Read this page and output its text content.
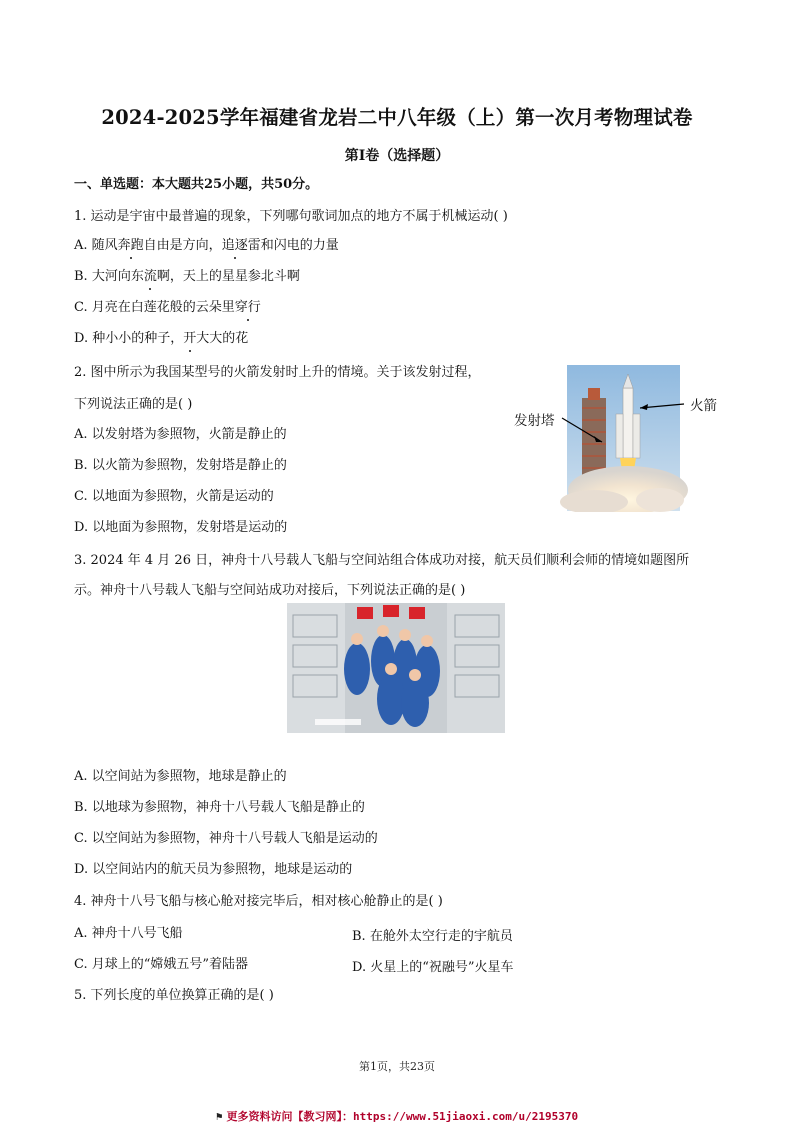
2024-2025学年福建省龙岩二中八年级（上）第一次月考物理试卷
第I卷（选择题）
一、单选题：本大题共25小题，共50分。
1. 运动是宇宙中最普遍的现象，下列哪句歌词加点的地方不属于机械运动( )
A. 随风奔跑自由是方向，追逐雷和闪电的力量
B. 大河向东流啊，天上的星星参北斗啊
C. 月亮在白莲花般的云朵里穿行
D. 种小小的种子，开大大的花
2. 图中所示为我国某型号的火箭发射时上升的情境。关于该发射过程，
下列说法正确的是( )
A. 以发射塔为参照物，火箭是静止的
B. 以火箭为参照物，发射塔是静止的
C. 以地面为参照物，火箭是运动的
D. 以地面为参照物，发射塔是运动的
发射塔
火箭
3. 2024 年 4 月 26 日，神舟十八号载人飞船与空间站组合体成功对接，航天员们顺利会师的情境如题图所
示。神舟十八号载人飞船与空间站成功对接后，下列说法正确的是( )
A. 以空间站为参照物，地球是静止的
B. 以地球为参照物，神舟十八号载人飞船是静止的
C. 以空间站为参照物，神舟十八号载人飞船是运动的
D. 以空间站内的航天员为参照物，地球是运动的
4. 神舟十八号飞船与核心舱对接完毕后，相对核心舱静止的是( )
A. 神舟十八号飞船	B. 在舱外太空行走的宇航员
C. 月球上的“嫦娥五号”着陆器	D. 火星上的“祝融号”火星车
5. 下列长度的单位换算正确的是( )
第1页，共23页
⚑ 更多资料访问【教习网】：https://www.51jiaoxi.com/u/2195370
